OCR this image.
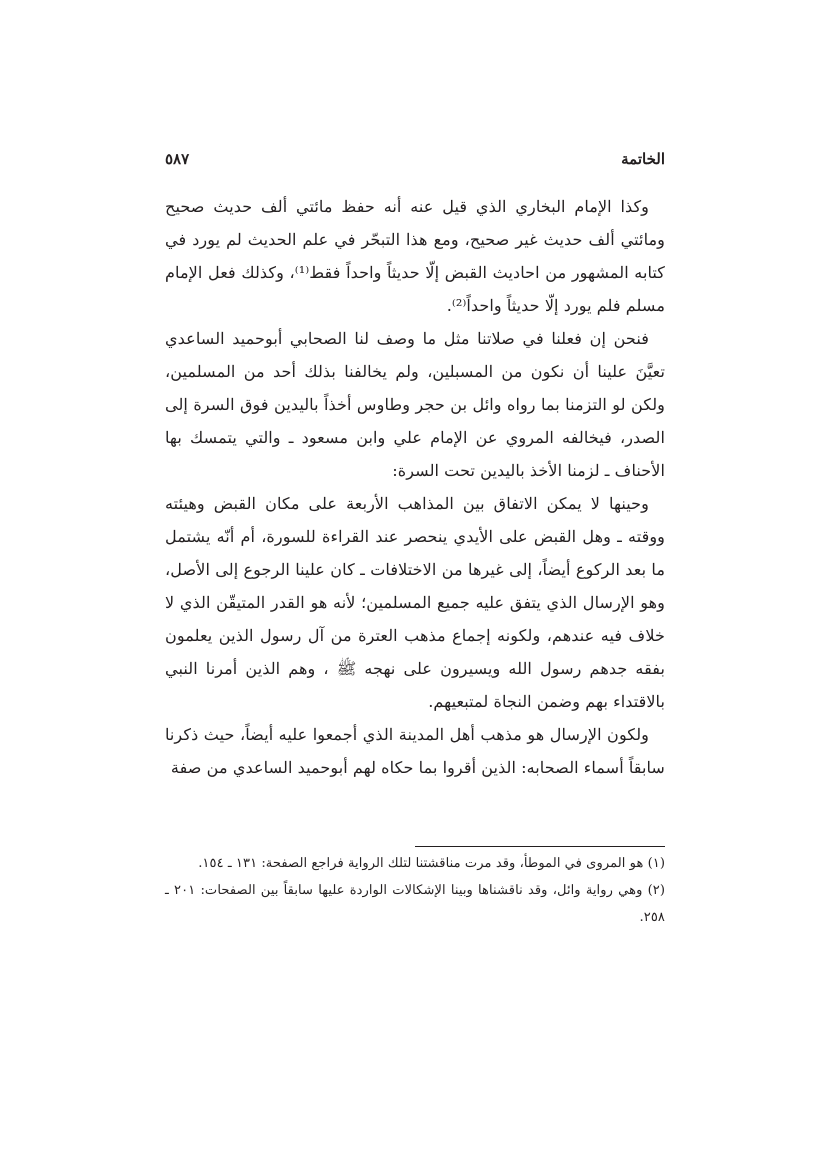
الخاتمة
٥٨٧

وكذا الإمام البخاري الذي قيل عنه أنه حفظ مائتي ألف حديث صحيح ومائتي ألف حديث غير صحيح، ومع هذا التبحّر في علم الحديث لم يورد في كتابه المشهور من احاديث القبض إلّا حديثاً واحداً فقط⁽¹⁾، وكذلك فعل الإمام مسلم فلم يورد إلّا حديثاً واحداً⁽²⁾.

فنحن إن فعلنا في صلاتنا مثل ما وصف لنا الصحابي أبوحميد الساعدي تعيَّنَ علينا أن نكون من المسبلين، ولم يخالفنا بذلك أحد من المسلمين، ولكن لو التزمنا بما رواه وائل بن حجر وطاوس أخذاً باليدين فوق السرة إلى الصدر، فيخالفه المروي عن الإمام علي وابن مسعود ـ والتي يتمسك بها الأحناف ـ لزمنا الأخذ باليدين تحت السرة:

وحينها لا يمكن الاتفاق بين المذاهب الأربعة على مكان القبض وهيئته ووقته ـ وهل القبض على الأيدي ينحصر عند القراءة للسورة، أم أنّه يشتمل ما بعد الركوع أيضاً، إلى غيرها من الاختلافات ـ كان علينا الرجوع إلى الأصل، وهو الإرسال الذي يتفق عليه جميع المسلمين؛ لأنه هو القدر المتيقّن الذي لا خلاف فيه عندهم، ولكونه إجماع مذهب العترة من آل رسول الذين يعلمون بفقه جدهم رسول الله ويسيرون على نهجه ﷺ ، وهم الذين أمرنا النبي بالاقتداء بهم وضمن النجاة لمتبعيهم.

ولكون الإرسال هو مذهب أهل المدينة الذي أجمعوا عليه أيضاً، حيث ذكرنا سابقاً أسماء الصحابه: الذين أقروا بما حكاه لهم أبوحميد الساعدي من صفة

(١) هو المروى في الموطأ، وقد مرت مناقشتنا لتلك الرواية فراجع الصفحة: ١٣١ ـ ١٥٤.

(٢) وهي رواية وائل، وقد ناقشناها وبينا الإشكالات الواردة عليها سابقاً بين الصفحات: ٢٠١ ـ ٢٥٨.
